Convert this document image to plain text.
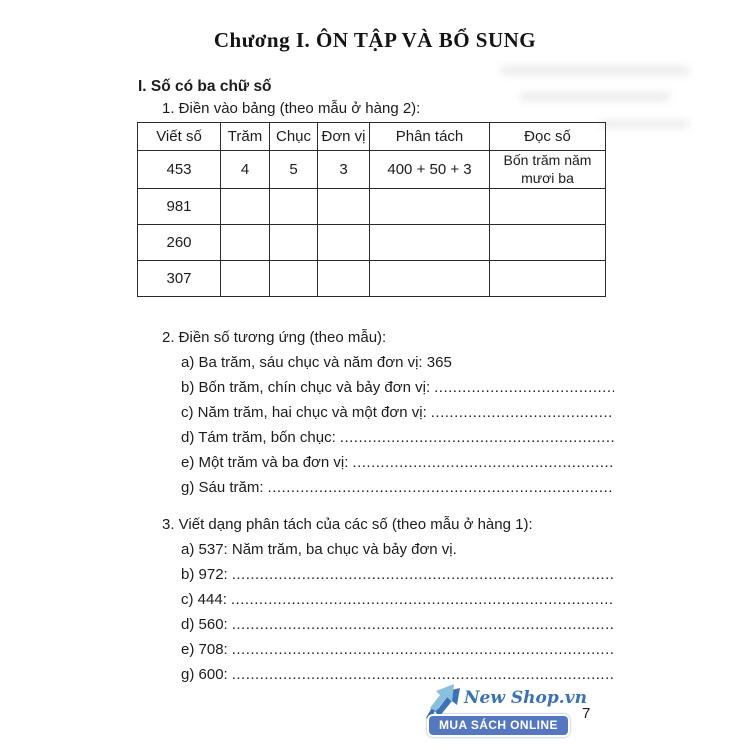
Chương I. ÔN TẬP VÀ BỔ SUNG
I. Số có ba chữ số
1. Điền vào bảng (theo mẫu ở hàng 2):
Viết số	Trăm	Chục	Đơn vị	Phân tách	Đọc số
453	4	5	3	400 + 50 + 3	Bốn trăm năm mươi ba
981					
260					
307					
2. Điền số tương ứng (theo mẫu):
a) Ba trăm, sáu chục và năm đơn vị: 365
b) Bốn trăm, chín chục và bảy đơn vị:
.....
c) Năm trăm, hai chục và một đơn vị:
.....
d) Tám trăm, bốn chục:
.....
e) Một trăm và ba đơn vị:
.....
g) Sáu trăm:
.....
3. Viết dạng phân tách của các số (theo mẫu ở hàng 1):
a) 537: Năm trăm, ba chục và bảy đơn vị.
b) 972:
.....
c) 444:
.....
d) 560:
.....
e) 708:
.....
g) 600:
.....
New Shop.vn
MUA SÁCH ONLINE
7
